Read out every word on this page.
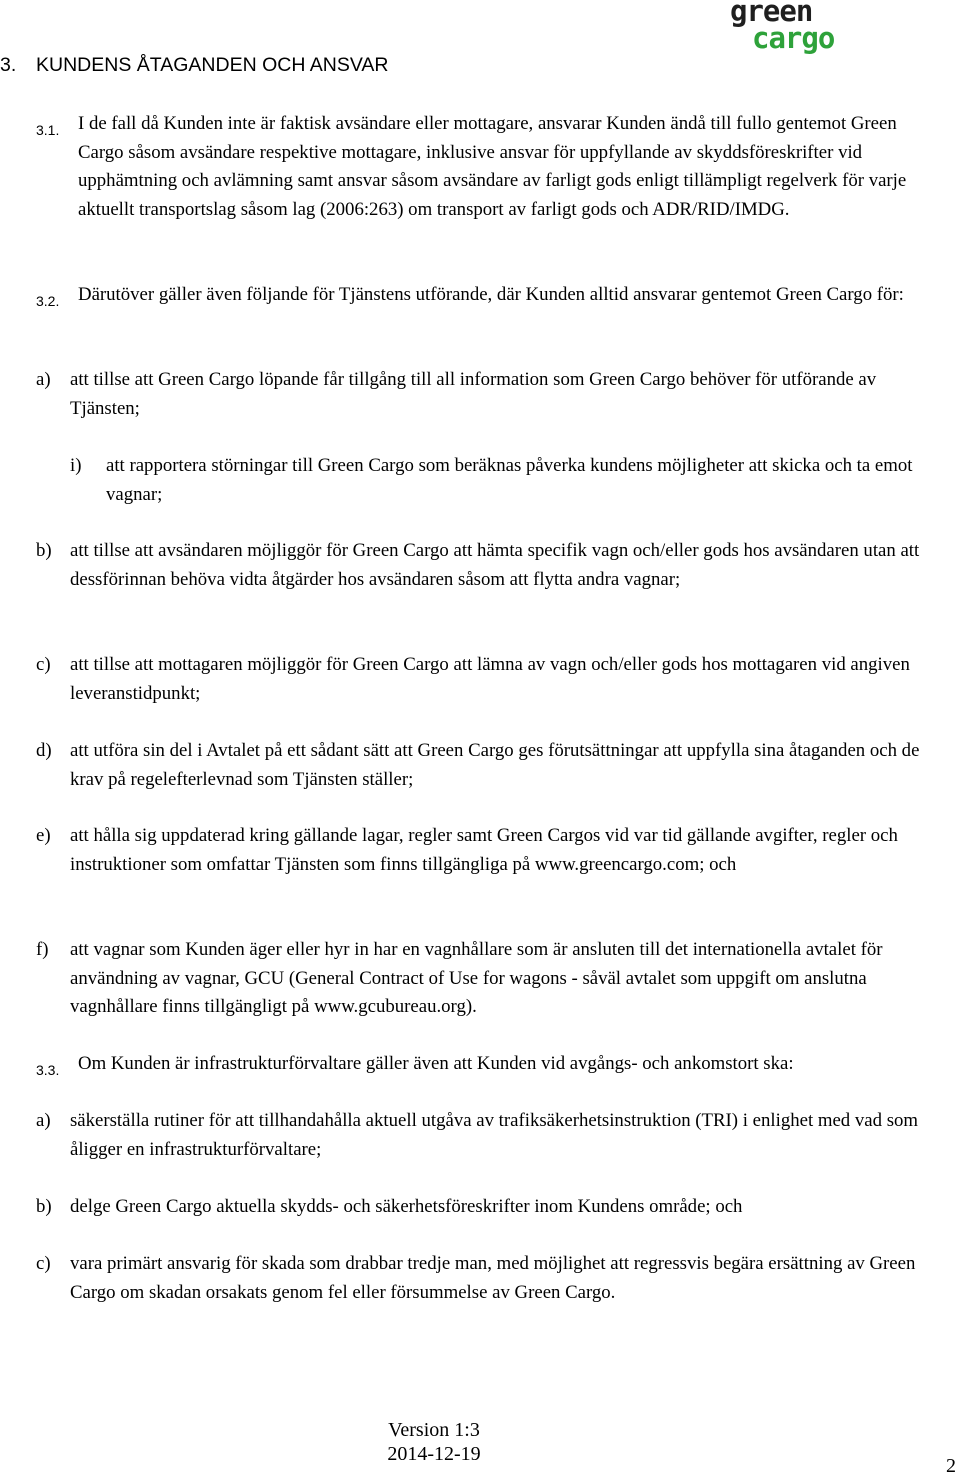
green
cargo
3. KUNDENS ÅTAGANDEN OCH ANSVAR
3.1. I de fall då Kunden inte är faktisk avsändare eller mottagare, ansvarar Kunden ändå till fullo gentemot Green Cargo såsom avsändare respektive mottagare, inklusive ansvar för uppfyllande av skyddsföreskrifter vid upphämtning och avlämning samt ansvar såsom avsändare av farligt gods enligt tillämpligt regelverk för varje aktuellt transportslag såsom lag (2006:263) om transport av farligt gods och ADR/RID/IMDG.
3.2. Därutöver gäller även följande för Tjänstens utförande, där Kunden alltid ansvarar gentemot Green Cargo för:
a) att tillse att Green Cargo löpande får tillgång till all information som Green Cargo behöver för utförande av Tjänsten;
i) att rapportera störningar till Green Cargo som beräknas påverka kundens möjligheter att skicka och ta emot vagnar;
b) att tillse att avsändaren möjliggör för Green Cargo att hämta specifik vagn och/eller gods hos avsändaren utan att dessförinnan behöva vidta åtgärder hos avsändaren såsom att flytta andra vagnar;
c) att tillse att mottagaren möjliggör för Green Cargo att lämna av vagn och/eller gods hos mottagaren vid angiven leveranstidpunkt;
d) att utföra sin del i Avtalet på ett sådant sätt att Green Cargo ges förutsättningar att uppfylla sina åtaganden och de krav på regelefterlevnad som Tjänsten ställer;
e) att hålla sig uppdaterad kring gällande lagar, regler samt Green Cargos vid var tid gällande avgifter, regler och instruktioner som omfattar Tjänsten som finns tillgängliga på www.greencargo.com; och
f) att vagnar som Kunden äger eller hyr in har en vagnhållare som är ansluten till det internationella avtalet för användning av vagnar, GCU (General Contract of Use for wagons - såväl avtalet som uppgift om anslutna vagnhållare finns tillgängligt på www.gcubureau.org).
3.3. Om Kunden är infrastrukturförvaltare gäller även att Kunden vid avgångs- och ankomstort ska:
a) säkerställa rutiner för att tillhandahålla aktuell utgåva av trafiksäkerhetsinstruktion (TRI) i enlighet med vad som åligger en infrastrukturförvaltare;
b) delge Green Cargo aktuella skydds- och säkerhetsföreskrifter inom Kundens område; och
c) vara primärt ansvarig för skada som drabbar tredje man, med möjlighet att regressvis begära ersättning av Green Cargo om skadan orsakats genom fel eller försummelse av Green Cargo.
Version 1:3
2014-12-19
2
